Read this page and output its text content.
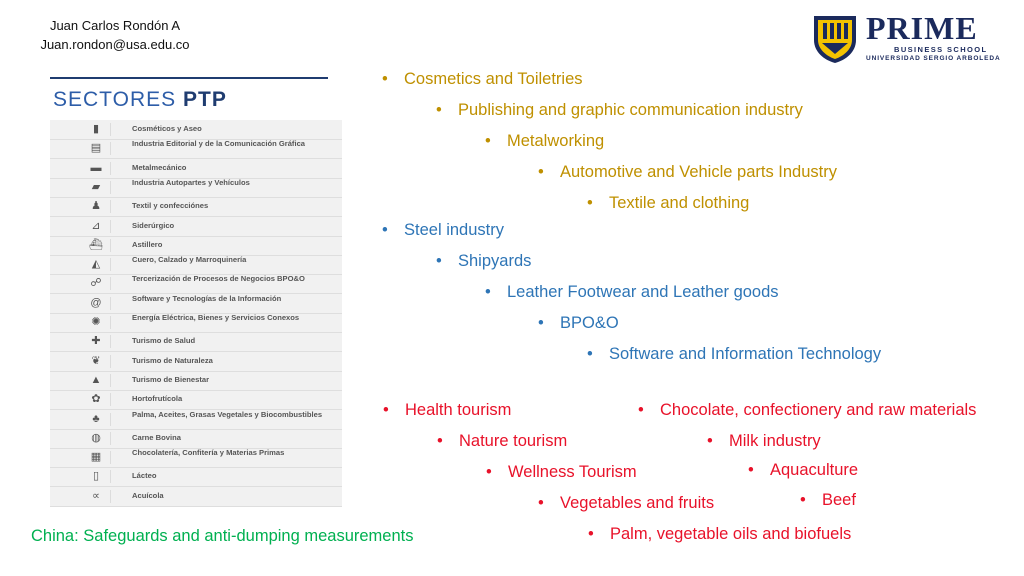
Juan Carlos Rondón A
Juan.rondon@usa.edu.co	PRIME
BUSINESS SCHOOL
UNIVERSIDAD SERGIO ARBOLEDA
SECTORES PTP
▮	Cosméticos y Aseo
▤	Industria Editorial y de la Comunicación Gráfica
▬	Metalmecánico
▰	Industria Autopartes y Vehículos
♟	Textil y confecciónes
⊿	Siderúrgico
⛴	Astillero
◭	Cuero, Calzado y Marroquinería
☍	Tercerización de Procesos de Negocios BPO&O
@	Software y Tecnologías de la Información
✺	Energía Eléctrica, Bienes y Servicios Conexos
✚	Turismo de Salud
❦	Turismo de Naturaleza
▲	Turismo de Bienestar
✿	Hortofrutícola
♣	Palma, Aceites, Grasas Vegetales y Biocombustibles
◍	Carne Bovina
▦	Chocolatería, Confitería y Materias Primas
▯	Lácteo
∝	Acuícola
• Cosmetics and Toiletries
• Publishing and graphic communication industry
• Metalworking
• Automotive and Vehicle parts Industry
• Textile and clothing
• Steel industry
• Shipyards
• Leather Footwear and Leather goods
• BPO&O
• Software and Information Technology
• Health tourism
• Nature tourism
• Wellness Tourism
• Vegetables and fruits
• Palm, vegetable oils and biofuels
• Chocolate, confectionery and raw materials
• Milk industry
• Aquaculture
• Beef
China: Safeguards and anti-dumping measurements
